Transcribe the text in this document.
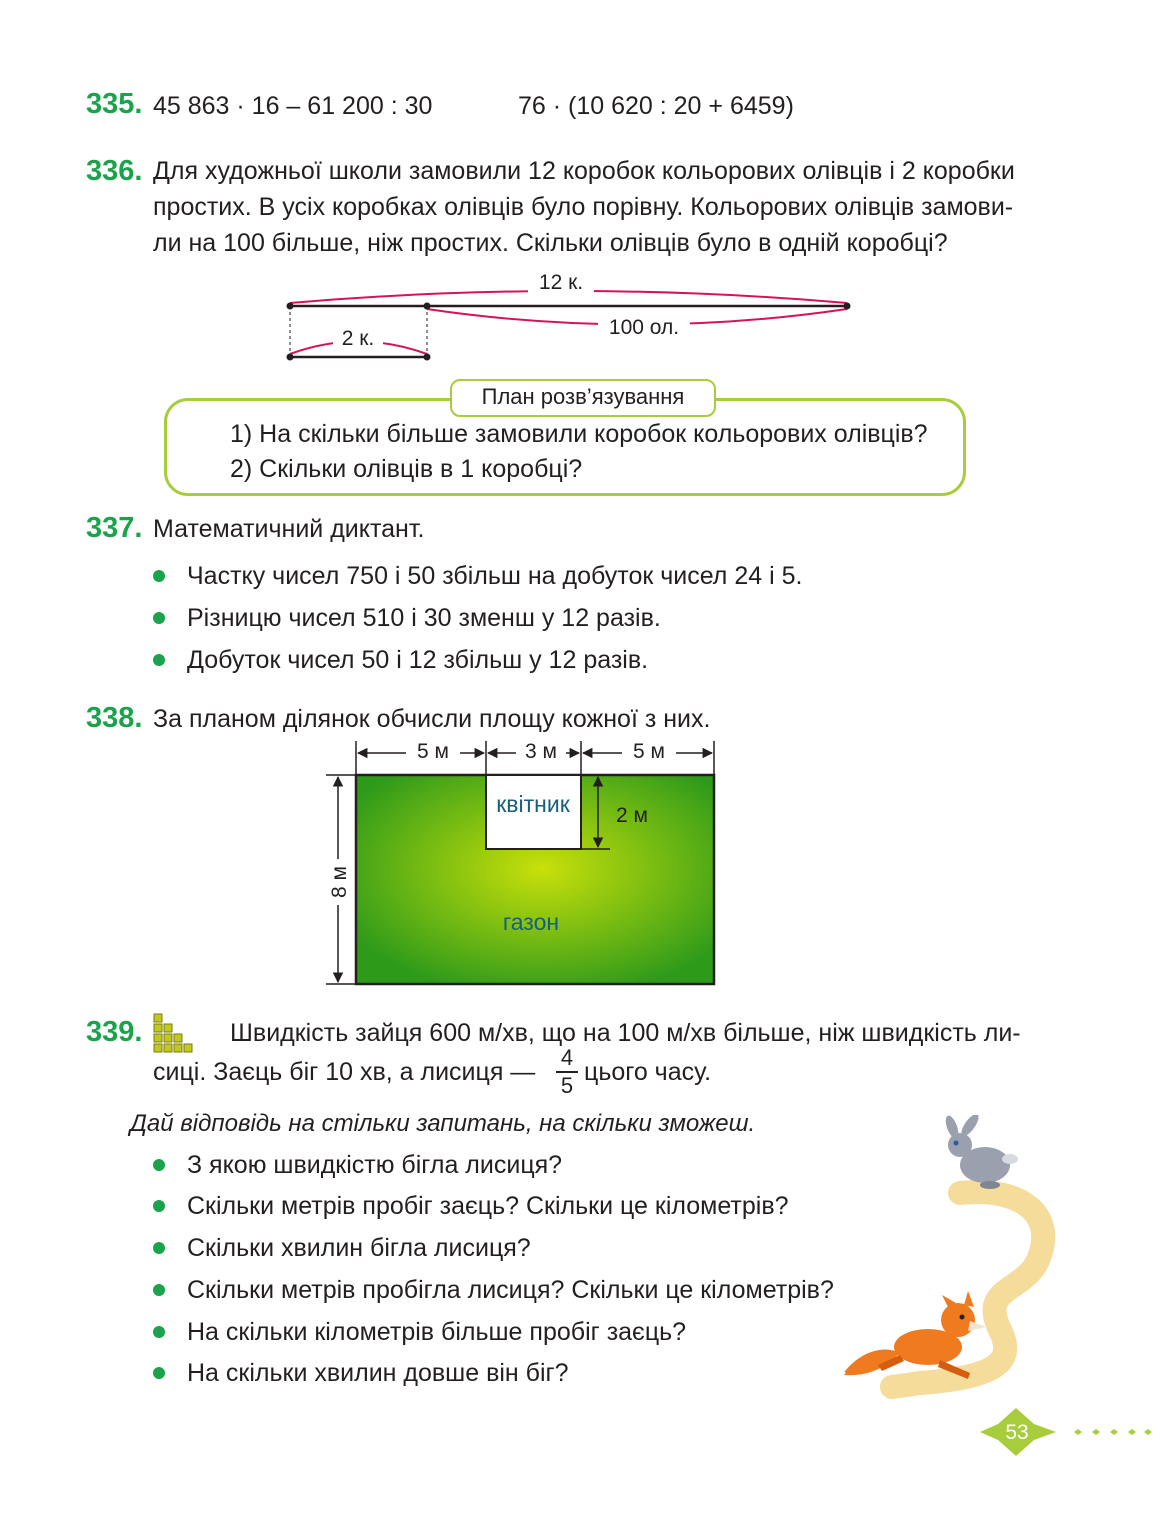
335. 45 863 · 16 – 61 200 : 30	76 · (10 620 : 20 + 6459)
336. Для художньої школи замовили 12 коробок кольорових олівців і 2 коробки
простих. В усіх коробках олівців було порівну. Кольорових олівців замови-
ли на 100 більше, ніж простих. Скільки олівців було в одній коробці?
12 к.
100 ол.
2 к.
1) На скільки більше замовили коробок кольорових олівців?
2) Скільки олівців в 1 коробці?
План розв’язування
337. Математичний диктант.
Частку чисел 750 і 50 збільш на добуток чисел 24 і 5.
Різницю чисел 510 і 30 зменш у 12 разів.
Добуток чисел 50 і 12 збільш у 12 разів.
338. За планом ділянок обчисли площу кожної з них.
5 м	3 м	5 м
8 м
2 м
квітник
газон
339.	Швидкість зайця 600 м/хв, що на 100 м/хв більше, ніж швидкість ли-
сиці. Заєць біг 10 хв, а лисиця —
4
5 цього часу.
Дай відповідь на стільки запитань, на скільки зможеш.
З якою швидкістю бігла лисиця?
Скільки метрів пробіг заєць? Скільки це кілометрів?
Скільки хвилин бігла лисиця?
Скільки метрів пробігла лисиця? Скільки це кілометрів?
На скільки кілометрів більше пробіг заєць?
На скільки хвилин довше він біг?
53
